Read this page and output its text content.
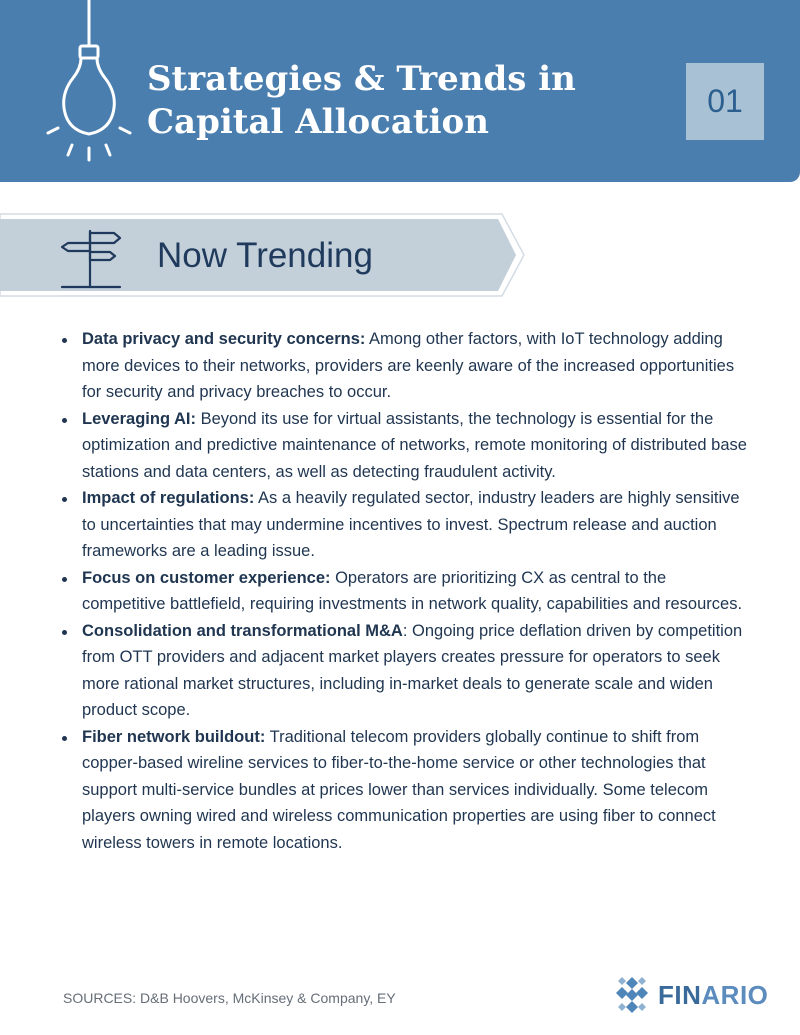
Strategies & Trends in
Capital Allocation
01
Now Trending
Data privacy and security concerns: Among other factors, with IoT technology adding more devices to their networks, providers are keenly aware of the increased opportunities for security and privacy breaches to occur.
Leveraging AI: Beyond its use for virtual assistants, the technology is essential for the optimization and predictive maintenance of networks, remote monitoring of distributed base stations and data centers, as well as detecting fraudulent activity.
Impact of regulations: As a heavily regulated sector, industry leaders are highly sensitive to uncertainties that may undermine incentives to invest. Spectrum release and auction frameworks are a leading issue.
Focus on customer experience: Operators are prioritizing CX as central to the competitive battlefield, requiring investments in network quality, capabilities and resources.
Consolidation and transformational M&A: Ongoing price deflation driven by competition from OTT providers and adjacent market players creates pressure for operators to seek more rational market structures, including in-market deals to generate scale and widen product scope.
Fiber network buildout: Traditional telecom providers globally continue to shift from copper-based wireline services to fiber-to-the-home service or other technologies that support multi-service bundles at prices lower than services individually. Some telecom players owning wired and wireless communication properties are using fiber to connect wireless towers in remote locations.
SOURCES: D&B Hoovers, McKinsey & Company, EY	FINARIO
